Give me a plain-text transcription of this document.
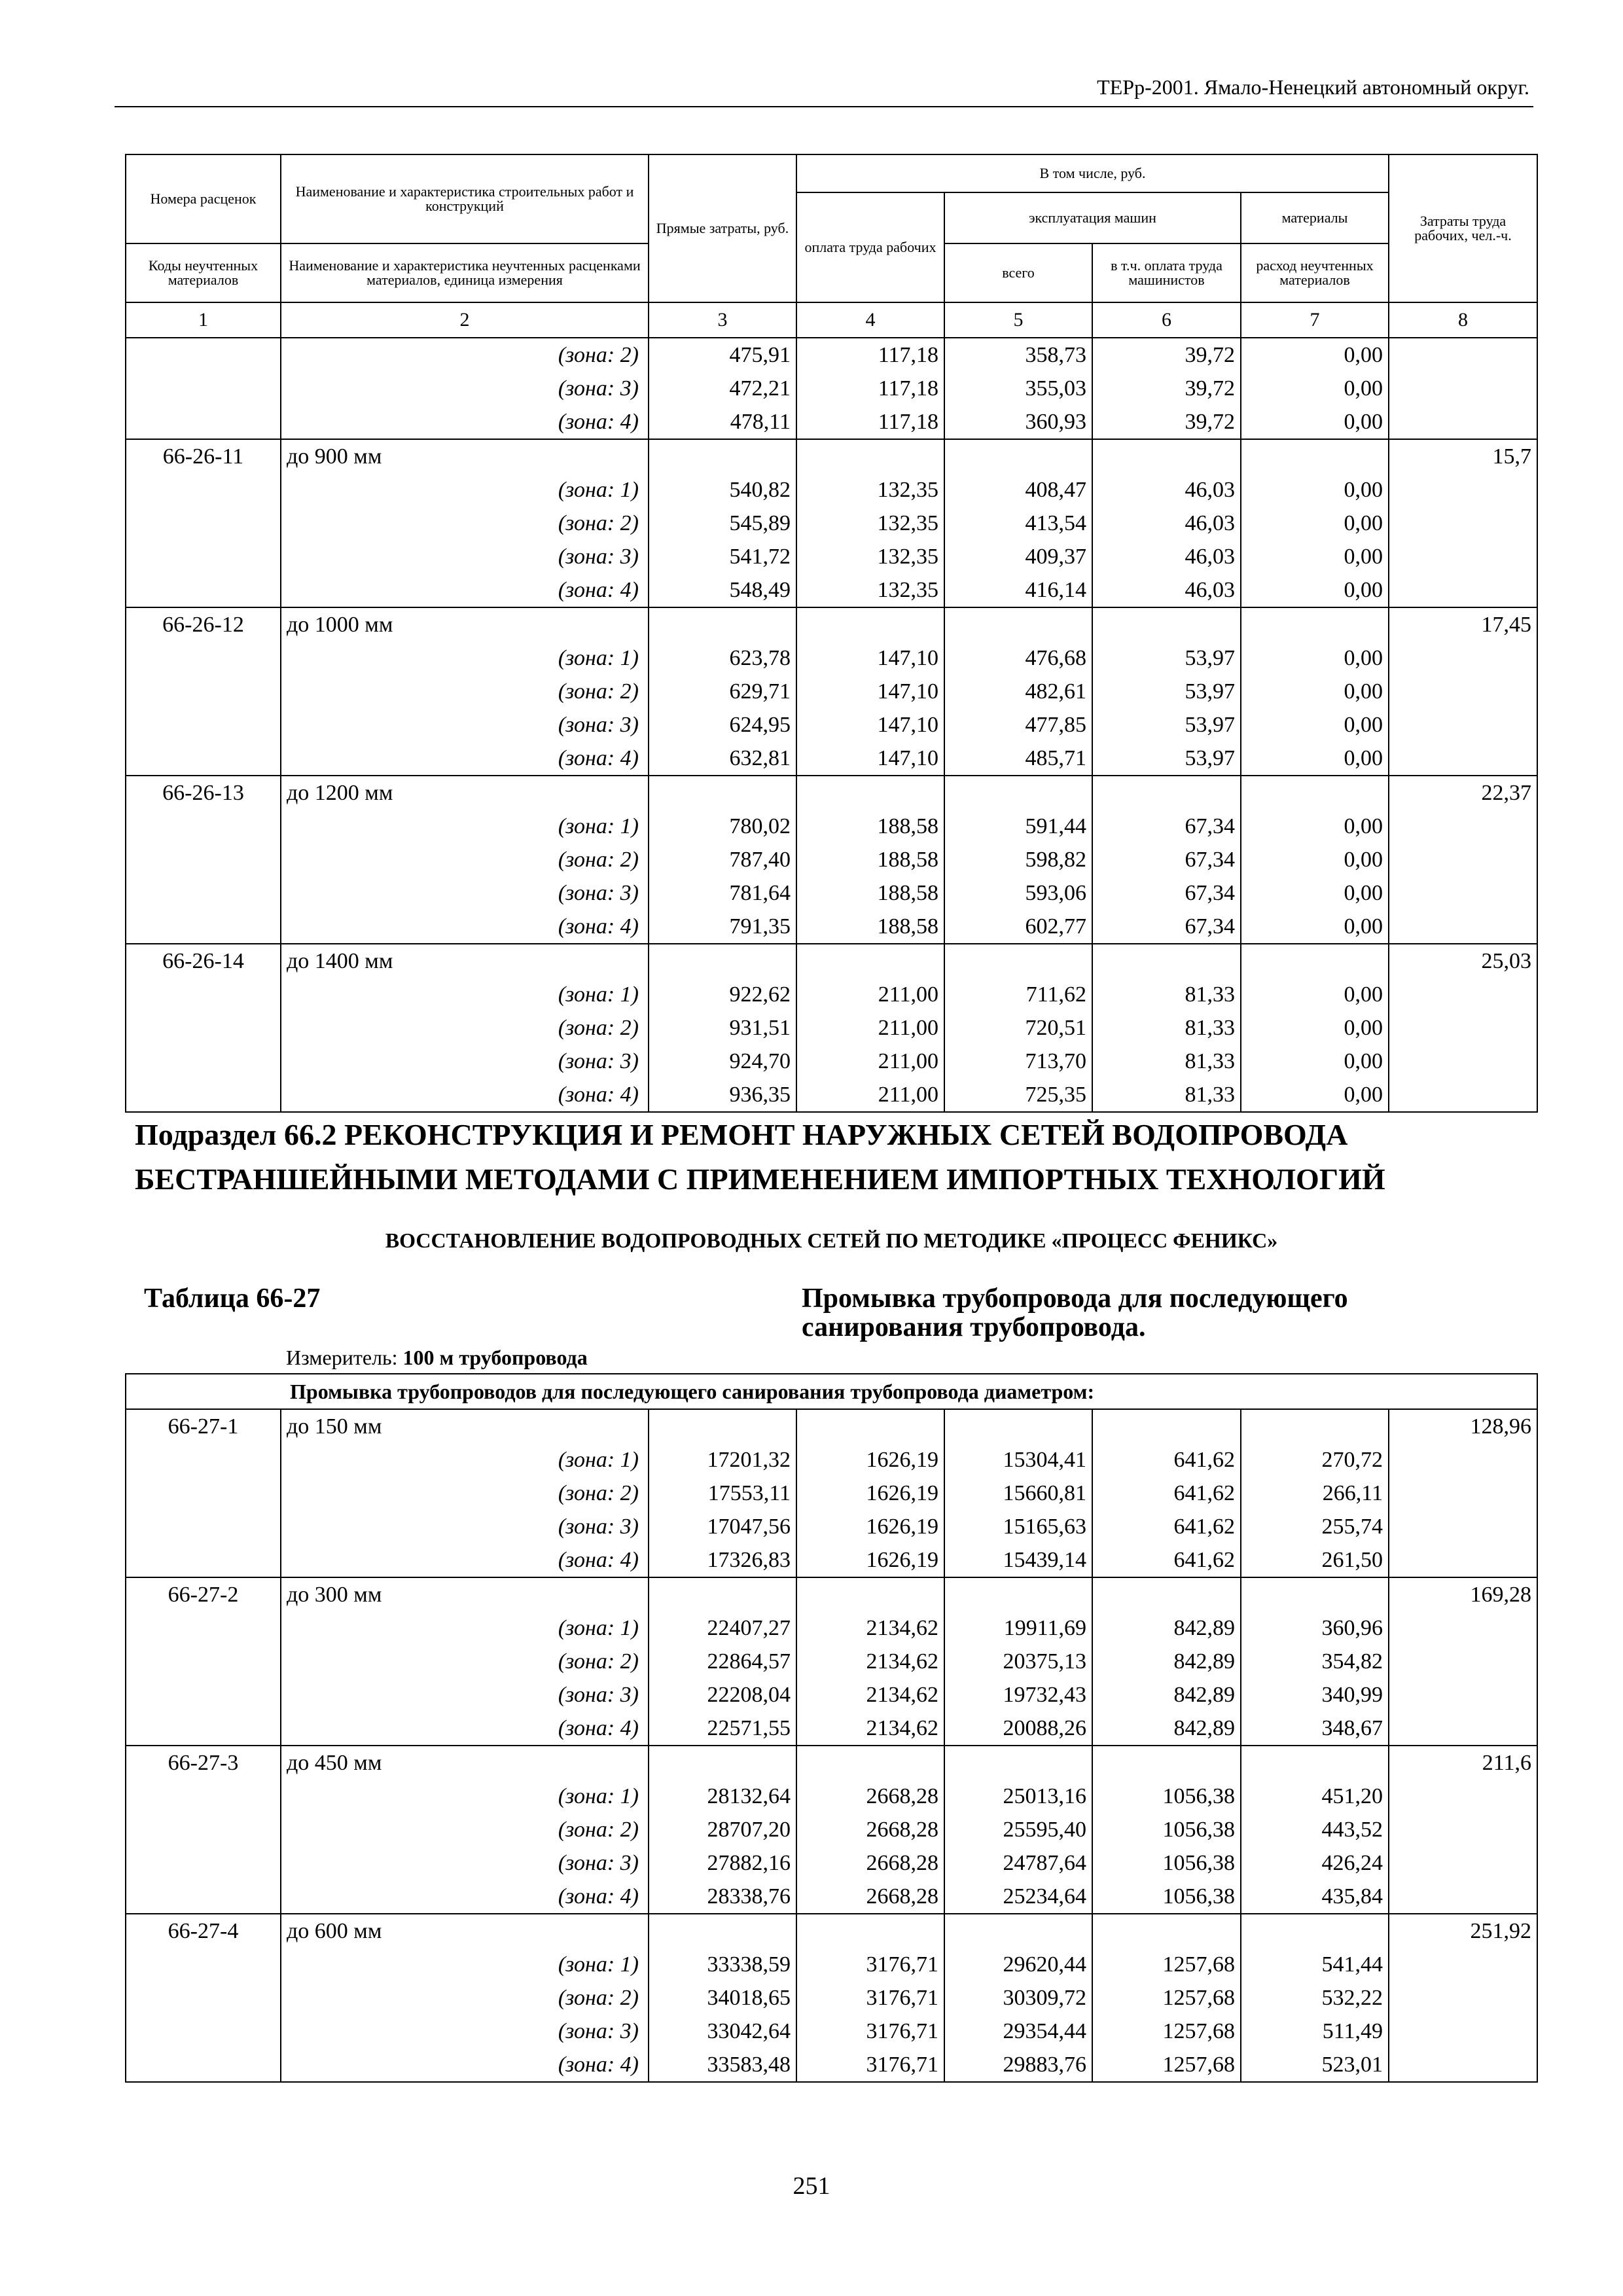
ТЕРр-2001. Ямало-Ненецкий автономный округ.
Номера расценок	Наименование и характеристика строительных работ и конструкций	Прямые затраты, руб.	В том числе, руб.				Затраты труда рабочих, чел.-ч.
			оплата труда рабочих	эксплуатация машин		материалы	
Коды неучтенных материалов	Наименование и характеристика неучтенных расценками материалов, единица измерения			всего	в т.ч. оплата труда машинистов	расход неучтенных материалов	
1	2	3	4	5	6	7	8
	(зона: 2)	475,91	117,18	358,73	39,72	0,00	
	(зона: 3)	472,21	117,18	355,03	39,72	0,00	
	(зона: 4)	478,11	117,18	360,93	39,72	0,00	
66-26-11	до 900 мм						15,7
	(зона: 1)	540,82	132,35	408,47	46,03	0,00	
	(зона: 2)	545,89	132,35	413,54	46,03	0,00	
	(зона: 3)	541,72	132,35	409,37	46,03	0,00	
	(зона: 4)	548,49	132,35	416,14	46,03	0,00	
66-26-12	до 1000 мм						17,45
	(зона: 1)	623,78	147,10	476,68	53,97	0,00	
	(зона: 2)	629,71	147,10	482,61	53,97	0,00	
	(зона: 3)	624,95	147,10	477,85	53,97	0,00	
	(зона: 4)	632,81	147,10	485,71	53,97	0,00	
66-26-13	до 1200 мм						22,37
	(зона: 1)	780,02	188,58	591,44	67,34	0,00	
	(зона: 2)	787,40	188,58	598,82	67,34	0,00	
	(зона: 3)	781,64	188,58	593,06	67,34	0,00	
	(зона: 4)	791,35	188,58	602,77	67,34	0,00	
66-26-14	до 1400 мм						25,03
	(зона: 1)	922,62	211,00	711,62	81,33	0,00	
	(зона: 2)	931,51	211,00	720,51	81,33	0,00	
	(зона: 3)	924,70	211,00	713,70	81,33	0,00	
	(зона: 4)	936,35	211,00	725,35	81,33	0,00	
Подраздел 66.2 РЕКОНСТРУКЦИЯ И РЕМОНТ НАРУЖНЫХ СЕТЕЙ ВОДОПРОВОДА							
БЕСТРАНШЕЙНЫМИ МЕТОДАМИ С ПРИМЕНЕНИЕМ ИМПОРТНЫХ ТЕХНОЛОГИЙ							
ВОССТАНОВЛЕНИЕ ВОДОПРОВОДНЫХ СЕТЕЙ ПО МЕТОДИКЕ «ПРОЦЕСС ФЕНИКС»							
Таблица 66-27			Промывка трубопровода для последующего санирования трубопровода.				
	Измеритель: 100 м трубопровода						
Промывка трубопроводов для последующего санирования трубопровода диаметром:							
66-27-1	до 150 мм						128,96
	(зона: 1)	17201,32	1626,19	15304,41	641,62	270,72	
	(зона: 2)	17553,11	1626,19	15660,81	641,62	266,11	
	(зона: 3)	17047,56	1626,19	15165,63	641,62	255,74	
	(зона: 4)	17326,83	1626,19	15439,14	641,62	261,50	
66-27-2	до 300 мм						169,28
	(зона: 1)	22407,27	2134,62	19911,69	842,89	360,96	
	(зона: 2)	22864,57	2134,62	20375,13	842,89	354,82	
	(зона: 3)	22208,04	2134,62	19732,43	842,89	340,99	
	(зона: 4)	22571,55	2134,62	20088,26	842,89	348,67	
66-27-3	до 450 мм						211,6
	(зона: 1)	28132,64	2668,28	25013,16	1056,38	451,20	
	(зона: 2)	28707,20	2668,28	25595,40	1056,38	443,52	
	(зона: 3)	27882,16	2668,28	24787,64	1056,38	426,24	
	(зона: 4)	28338,76	2668,28	25234,64	1056,38	435,84	
66-27-4	до 600 мм						251,92
	(зона: 1)	33338,59	3176,71	29620,44	1257,68	541,44	
	(зона: 2)	34018,65	3176,71	30309,72	1257,68	532,22	
	(зона: 3)	33042,64	3176,71	29354,44	1257,68	511,49	
	(зона: 4)	33583,48	3176,71	29883,76	1257,68	523,01	
251
